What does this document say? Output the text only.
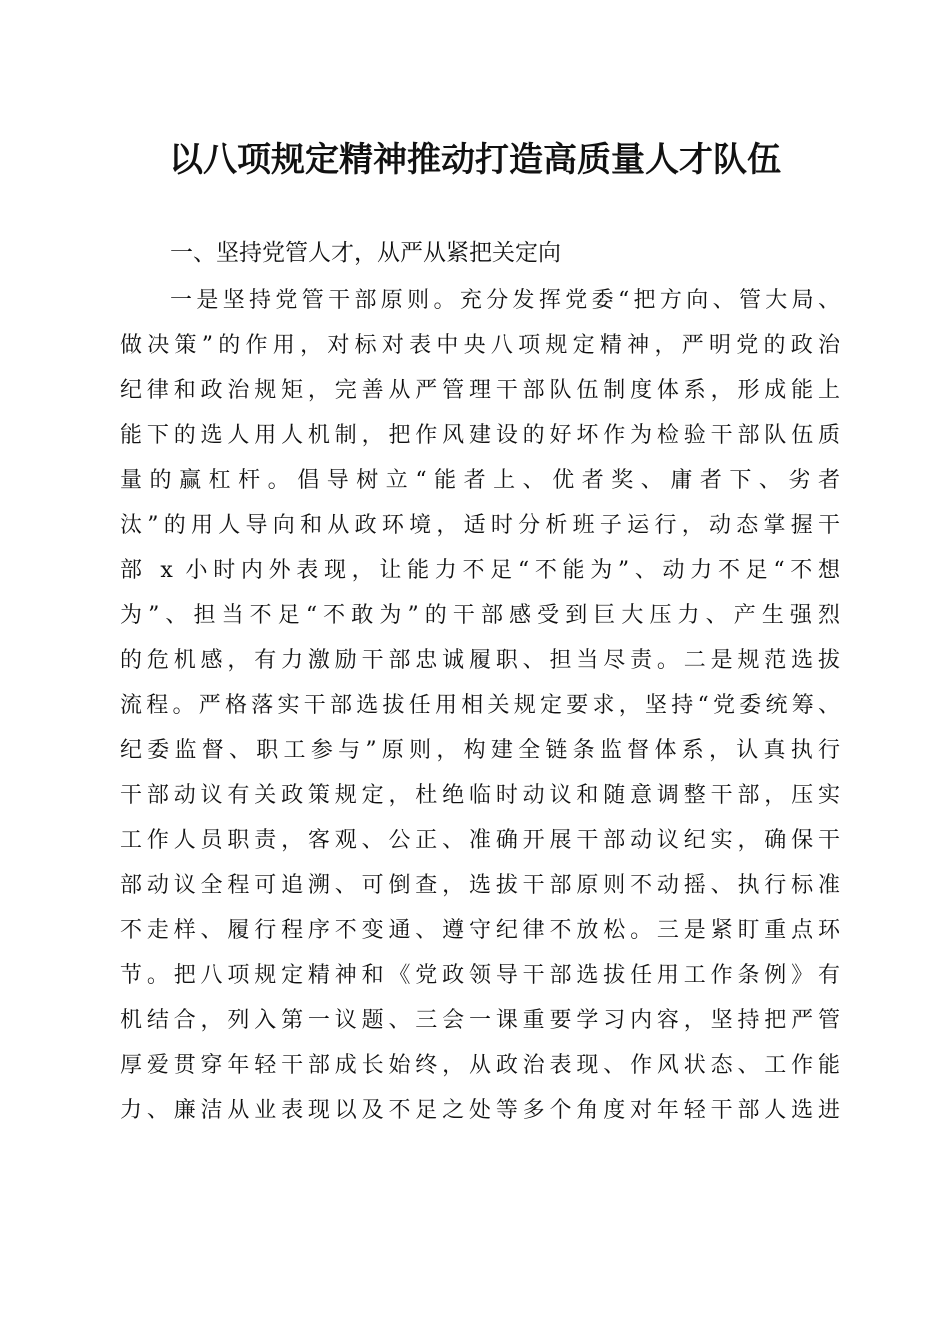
以八项规定精神推动打造高质量人才队伍
一、坚持党管人才，从严从紧把关定向
一是坚持党管干部原则。充分发挥党委“把方向、管大局、
做决策”的作用，对标对表中央八项规定精神，严明党的政治
纪律和政治规矩，完善从严管理干部队伍制度体系，形成能上
能下的选人用人机制，把作风建设的好坏作为检验干部队伍质
量的赢杠杆。倡导树立“能者上、优者奖、庸者下、劣者
汰”的用人导向和从政环境，适时分析班子运行，动态掌握干
部 x 小时内外表现，让能力不足“不能为”、动力不足“不想
为”、担当不足“不敢为”的干部感受到巨大压力、产生强烈
的危机感，有力激励干部忠诚履职、担当尽责。二是规范选拔
流程。严格落实干部选拔任用相关规定要求，坚持“党委统筹、
纪委监督、职工参与”原则，构建全链条监督体系，认真执行
干部动议有关政策规定，杜绝临时动议和随意调整干部，压实
工作人员职责，客观、公正、准确开展干部动议纪实，确保干
部动议全程可追溯、可倒查，选拔干部原则不动摇、执行标准
不走样、履行程序不变通、遵守纪律不放松。三是紧盯重点环
节。把八项规定精神和《党政领导干部选拔任用工作条例》有
机结合，列入第一议题、三会一课重要学习内容，坚持把严管
厚爱贯穿年轻干部成长始终，从政治表现、作风状态、工作能
力、廉洁从业表现以及不足之处等多个角度对年轻干部人选进
